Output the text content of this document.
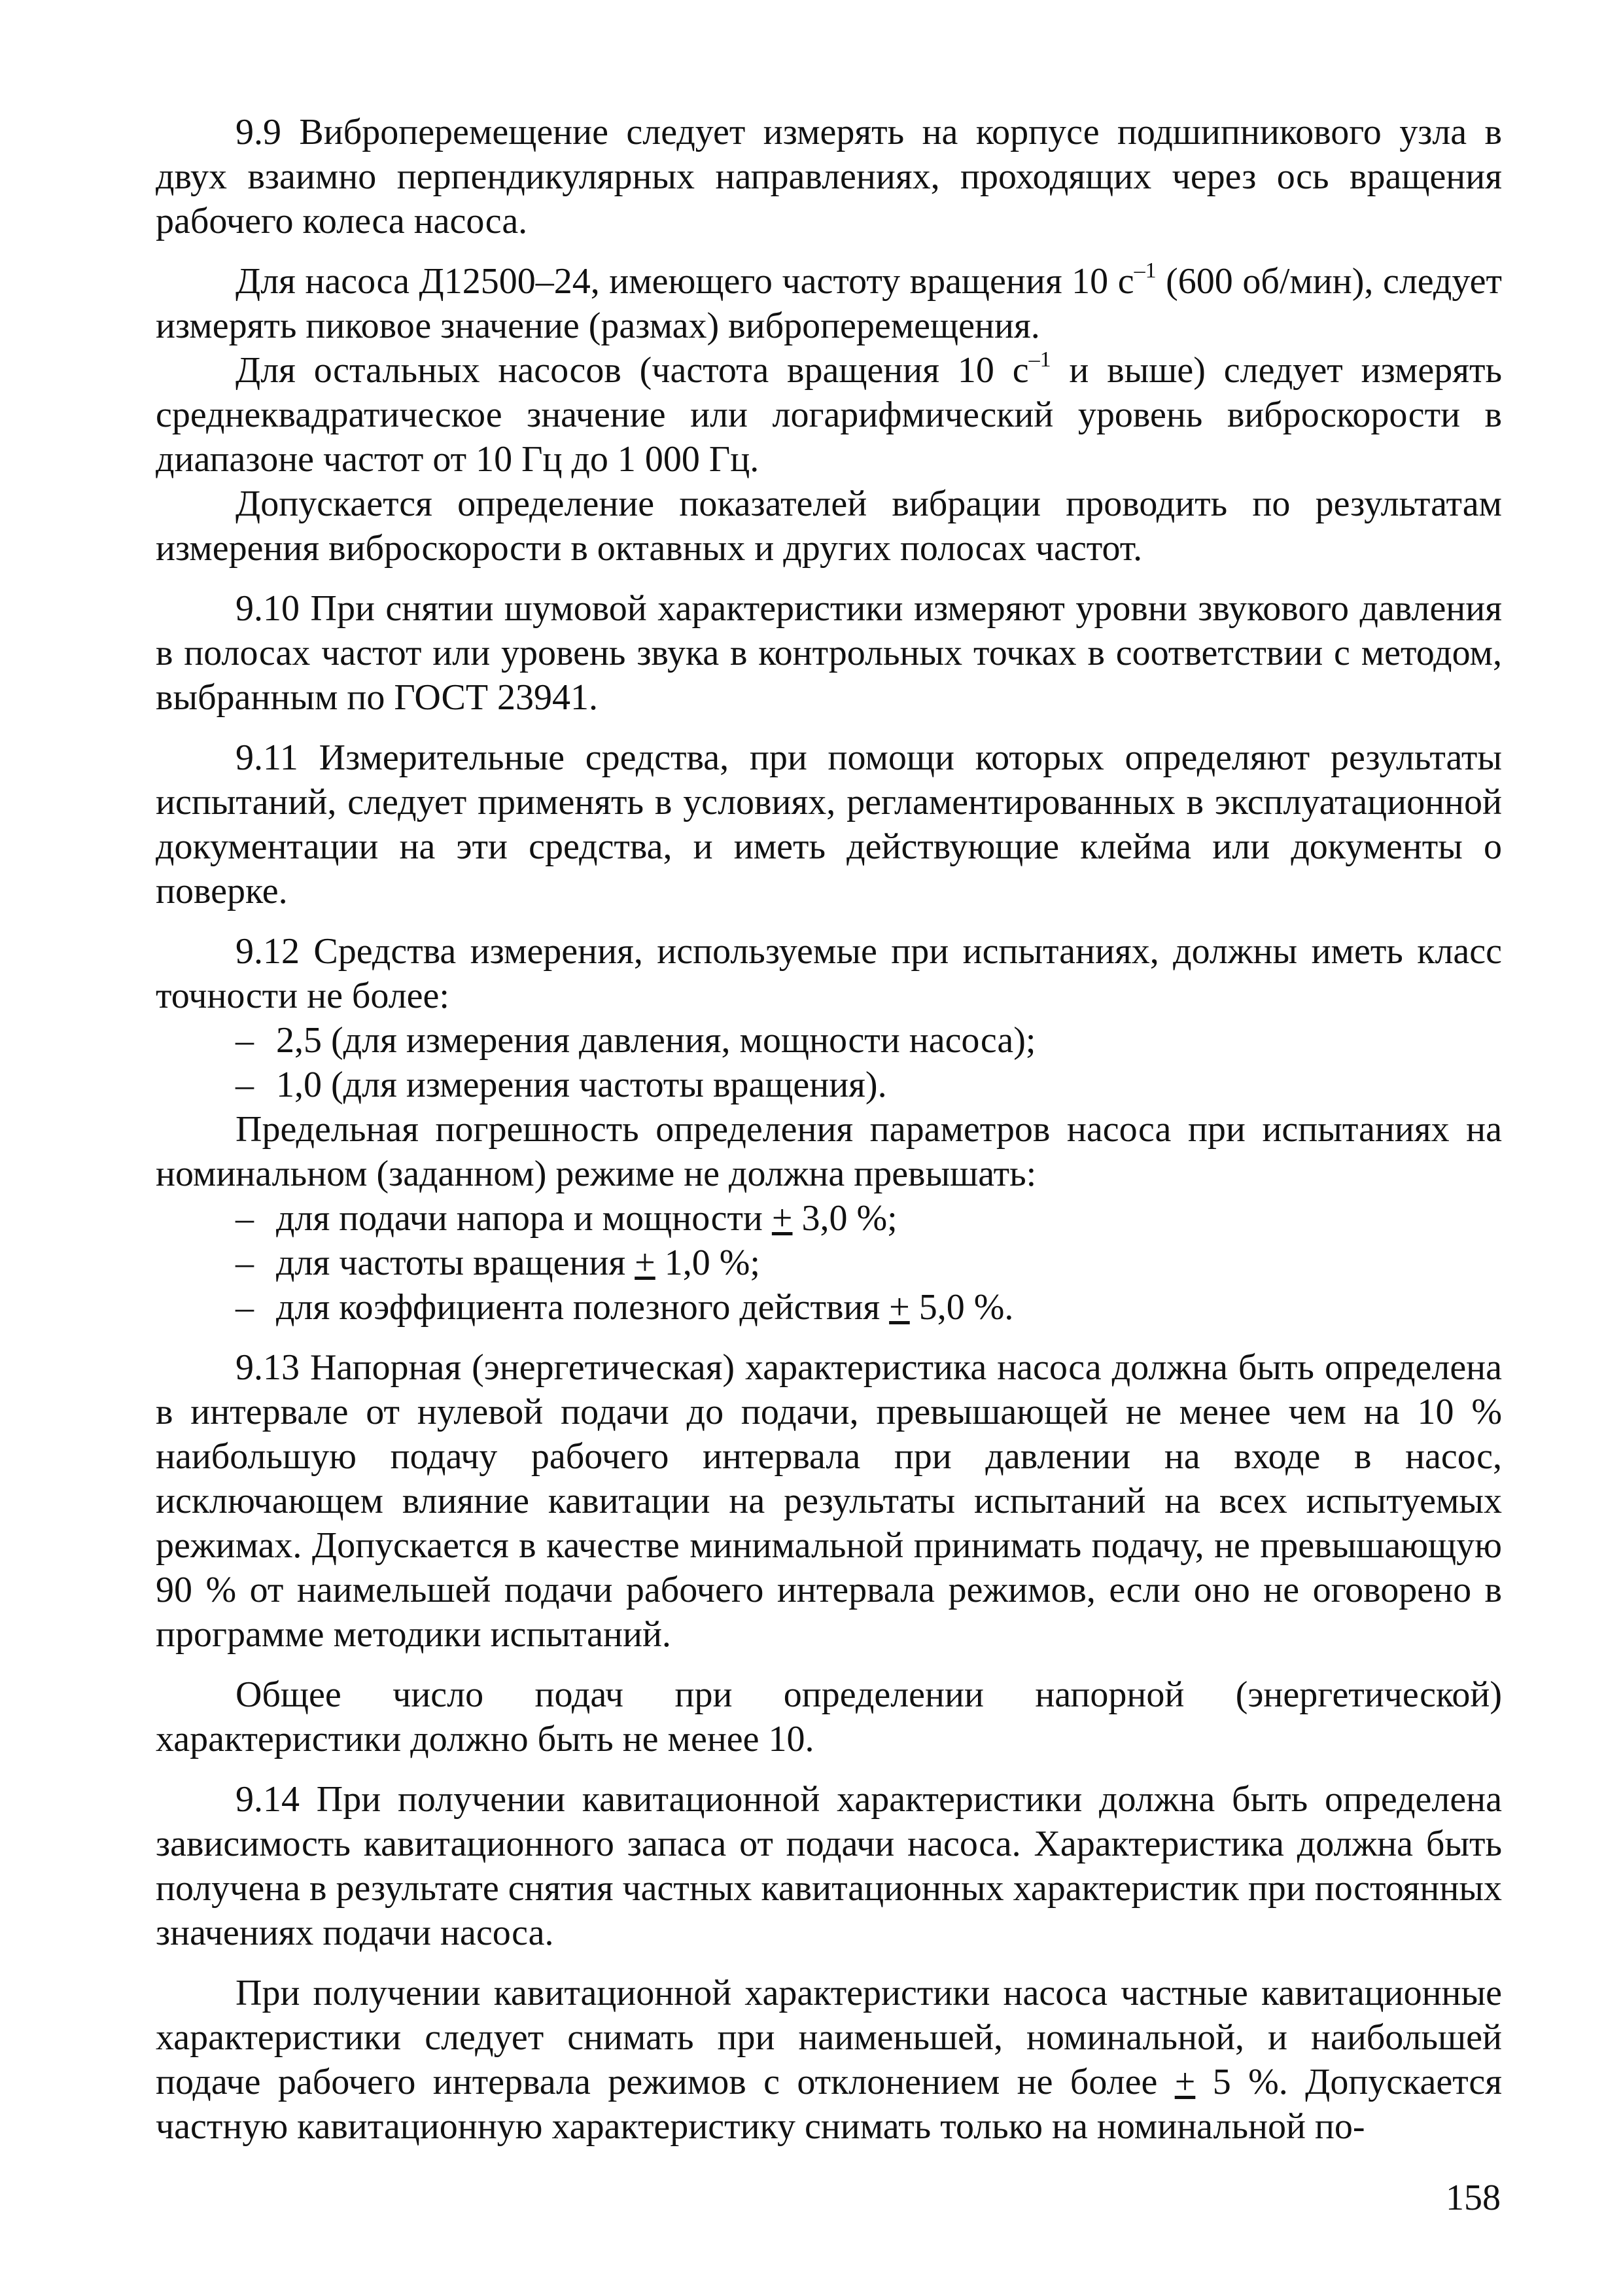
9.9 Виброперемещение следует измерять на корпусе подшипникового узла в двух взаимно перпендикулярных направлениях, проходящих через ось вращения рабочего колеса насоса.

Для насоса Д12500–24, имеющего частоту вращения 10 $с^{-1}$ (600 об/мин), следует измерять пиковое значение (размах) виброперемещения.

Для остальных насосов (частота вращения 10 $с^{-1}$ и выше) следует измерять среднеквадратическое значение или логарифмический уровень виброскорости в диапазоне частот от 10 Гц до 1 000 Гц.

Допускается определение показателей вибрации проводить по результатам измерения виброскорости в октавных и других полосах частот.

9.10 При снятии шумовой характеристики измеряют уровни звукового давления в полосах частот или уровень звука в контрольных точках в соответствии с методом, выбранным по ГОСТ 23941.

9.11 Измерительные средства, при помощи которых определяют результаты испытаний, следует применять в условиях, регламентированных в эксплуатационной документации на эти средства, и иметь действующие клейма или документы о поверке.

9.12 Средства измерения, используемые при испытаниях, должны иметь класс точности не более:

– 2,5 (для измерения давления, мощности насоса);
– 1,0 (для измерения частоты вращения).

Предельная погрешность определения параметров насоса при испытаниях на номинальном (заданном) режиме не должна превышать:

– для подачи напора и мощности + 3,0 %;
– для частоты вращения + 1,0 %;
– для коэффициента полезного действия + 5,0 %.

9.13 Напорная (энергетическая) характеристика насоса должна быть определена в интервале от нулевой подачи до подачи, превышающей не менее чем на 10 % наибольшую подачу рабочего интервала при давлении на входе в насос, исключающем влияние кавитации на результаты испытаний на всех испытуемых режимах. Допускается в качестве минимальной принимать подачу, не превышающую 90 % от наимельшей подачи рабочего интервала режимов, если оно не оговорено в программе методики испытаний.

Общее число подач при определении напорной (энергетической) характеристики должно быть не менее 10.

9.14 При получении кавитационной характеристики должна быть определена зависимость кавитационного запаса от подачи насоса. Характеристика должна быть получена в результате снятия частных кавитационных характеристик при постоянных значениях подачи насоса.

При получении кавитационной характеристики насоса частные кавитационные характеристики следует снимать при наименьшей, номинальной, и наибольшей подаче рабочего интервала режимов с отклонением не более + 5 %. Допускается частную кавитационную характеристику снимать только на номинальной по-

158
